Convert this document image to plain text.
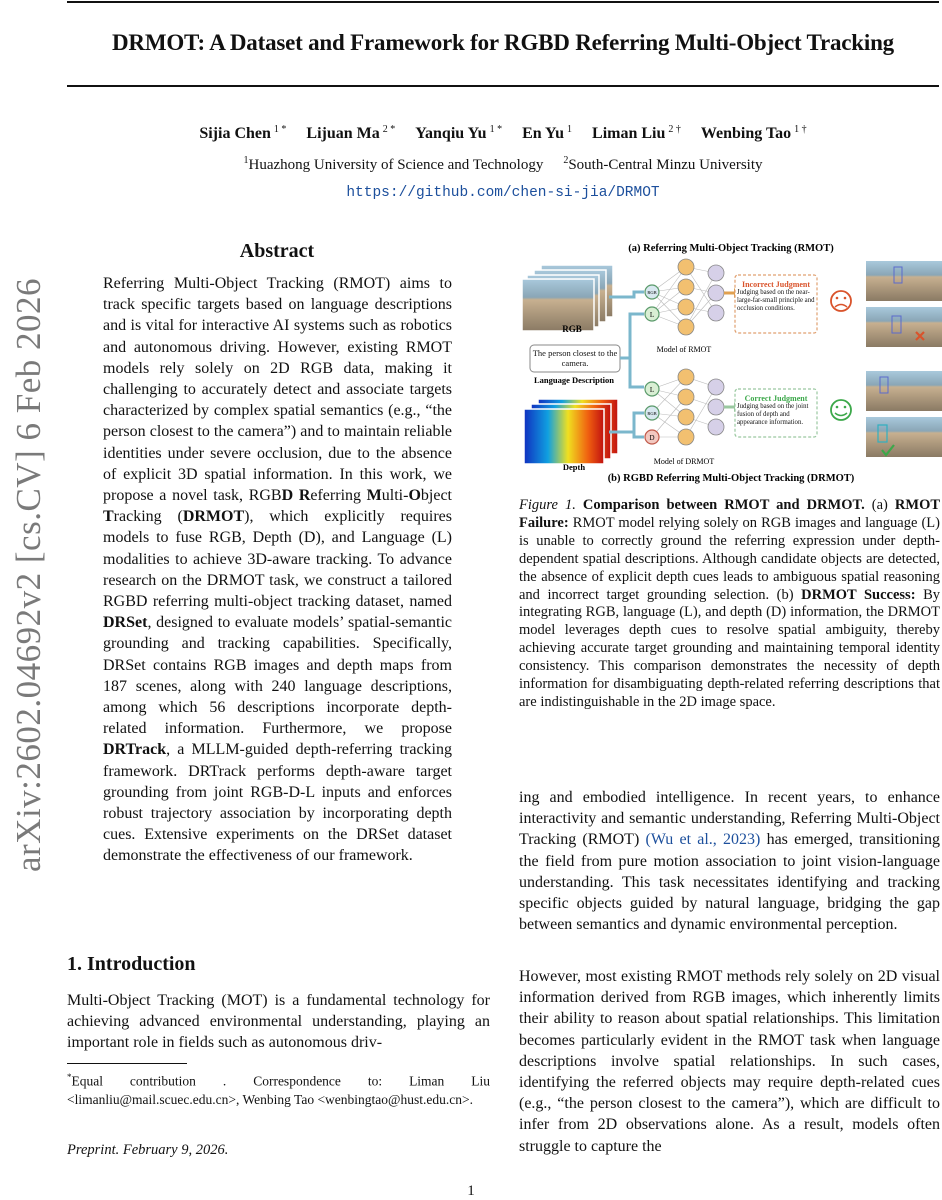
DRMOT: A Dataset and Framework for RGBD Referring Multi-Object Tracking
Sijia Chen $^{1 *}$ Lijuan Ma $^{2 *}$ Yanqiu Yu $^{1 *}$ En Yu $^1$ Liman Liu $^{2 \dagger}$ Wenbing Tao $^{1 \dagger}$
$^1$Huazhong University of Science and Technology $^2$South-Central Minzu University
https://github.com/chen-si-jia/DRMOT
arXiv:2602.04692v2 [cs.CV] 6 Feb 2026
Abstract
Referring Multi-Object Tracking (RMOT) aims to track specific targets based on language descriptions and is vital for interactive AI systems such as robotics and autonomous driving. However, existing RMOT models rely solely on 2D RGB data, making it challenging to accurately detect and associate targets characterized by complex spatial semantics (e.g., “the person closest to the camera”) and to maintain reliable identities under severe occlusion, due to the absence of explicit 3D spatial information. In this work, we propose a novel task, RGBD Referring Multi-Object Tracking (DRMOT), which explicitly requires models to fuse RGB, Depth (D), and Language (L) modalities to achieve 3D-aware tracking. To advance research on the DRMOT task, we construct a tailored RGBD referring multi-object tracking dataset, named DRSet, designed to evaluate models’ spatial-semantic grounding and tracking capabilities. Specifically, DRSet contains RGB images and depth maps from 187 scenes, along with 240 language descriptions, among which 56 descriptions incorporate depth-related information. Furthermore, we propose DRTrack, a MLLM-guided depth-referring tracking framework. DRTrack performs depth-aware target grounding from joint RGB-D-L inputs and enforces robust trajectory association by incorporating depth cues. Extensive experiments on the DRSet dataset demonstrate the effectiveness of our framework.
1. Introduction
Multi-Object Tracking (MOT) is a fundamental technology for achieving advanced environmental understanding, playing an important role in fields such as autonomous driv-
*Equal contribution . Correspondence to: Liman Liu <limanliu@mail.scuec.edu.cn>, Wenbing Tao <wenbingtao@hust.edu.cn>.
Preprint. February 9, 2026.
1
(a) Referring Multi-Object Tracking (RMOT)
RGB
The person closest to the camera.
Language Description
Depth
RGB
L
Model of RMOT
L
RGB
D
Model of DRMOT
Incorrect Judgment
Judging based on the near-large-far-small principle and occlusion conditions.
Correct Judgment
Judging based on the joint fusion of depth and appearance information.
(b) RGBD Referring Multi-Object Tracking (DRMOT)
Figure 1. Comparison between RMOT and DRMOT. (a) RMOT Failure: RMOT model relying solely on RGB images and language (L) is unable to correctly ground the referring expression under depth-dependent spatial descriptions. Although candidate objects are detected, the absence of explicit depth cues leads to ambiguous spatial reasoning and incorrect target grounding selection. (b) DRMOT Success: By integrating RGB, language (L), and depth (D) information, the DRMOT model leverages depth cues to resolve spatial ambiguity, thereby achieving accurate target grounding and maintaining temporal identity consistency. This comparison demonstrates the necessity of depth information for disambiguating depth-related referring descriptions that are indistinguishable in the 2D image space.
ing and embodied intelligence. In recent years, to enhance interactivity and semantic understanding, Referring Multi-Object Tracking (RMOT) (Wu et al., 2023) has emerged, transitioning the field from pure motion association to joint vision-language understanding. This task necessitates identifying and tracking specific objects guided by natural language, bridging the gap between semantics and dynamic environmental perception.
However, most existing RMOT methods rely solely on 2D visual information derived from RGB images, which inherently limits their ability to reason about spatial relationships. This limitation becomes particularly evident in the RMOT task when language descriptions involve spatial relationships. In such cases, identifying the referred objects may require depth-related cues (e.g., “the person closest to the camera”), which are difficult to infer from 2D observations alone. As a result, models often struggle to capture the
